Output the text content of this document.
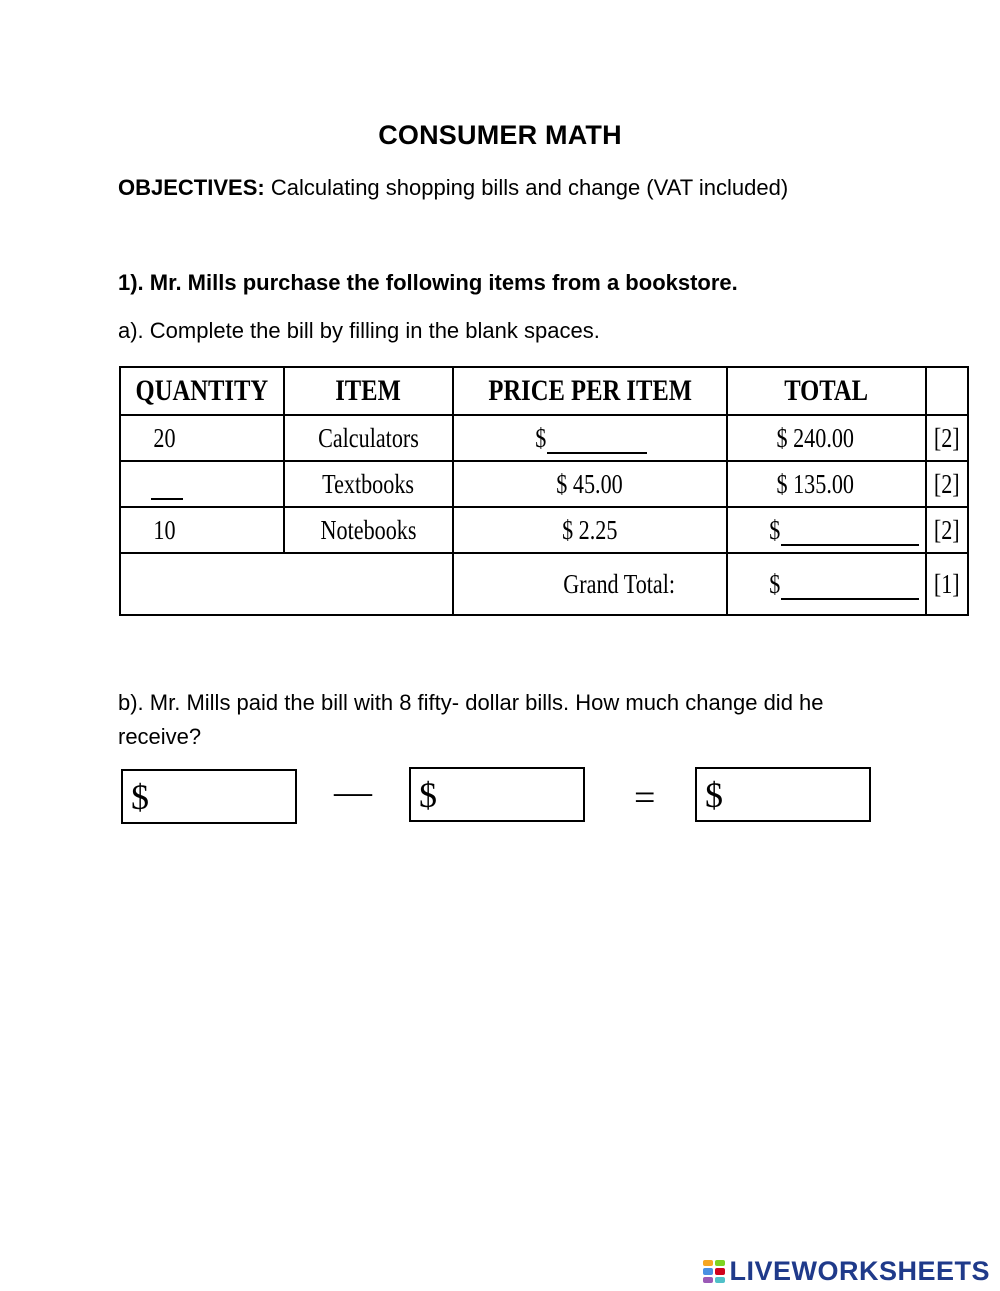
CONSUMER MATH
OBJECTIVES: Calculating shopping bills and change (VAT included)
1). Mr. Mills purchase the following items from a bookstore.
a). Complete the bill by filling in the blank spaces.
QUANTITY	ITEM	PRICE PER ITEM	TOTAL	
20	Calculators	$	$ 240.00	[2]
	Textbooks	$ 45.00	$ 135.00	[2]
10	Notebooks	$ 2.25	$	[2]
		Grand Total:	$	[1]
b). Mr. Mills paid the bill with 8 fifty- dollar bills. How much change did he receive?
$	— $	= $
LIVEWORKSHEETS
